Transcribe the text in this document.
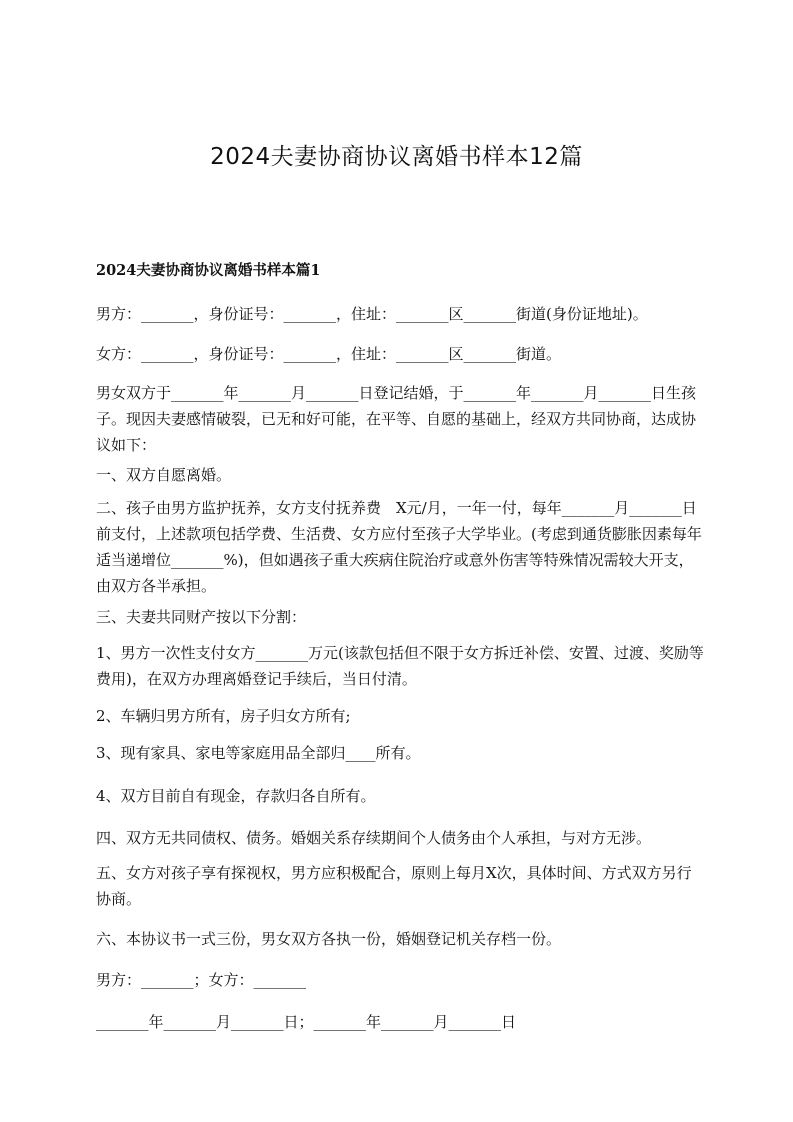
2024夫妻协商协议离婚书样本12篇
2024夫妻协商协议离婚书样本篇1

男方：_______，身份证号：_______，住址：_______区_______街道(身份证地址)。

女方：_______，身份证号：_______，住址：_______区_______街道。

男女双方于_______年_______月_______日登记结婚，于_______年_______月_______日生孩子。现因夫妻感情破裂，已无和好可能，在平等、自愿的基础上，经双方共同协商，达成协议如下：

一、双方自愿离婚。

二、孩子由男方监护抚养，女方支付抚养费　X元/月，一年一付，每年_______月_______日前支付，上述款项包括学费、生活费、女方应付至孩子大学毕业。(考虑到通货膨胀因素每年适当递增位_______%)，但如遇孩子重大疾病住院治疗或意外伤害等特殊情况需较大开支，由双方各半承担。

三、夫妻共同财产按以下分割：

1、男方一次性支付女方_______万元(该款包括但不限于女方拆迁补偿、安置、过渡、奖励等费用)，在双方办理离婚登记手续后，当日付清。

2、车辆归男方所有，房子归女方所有;

3、现有家具、家电等家庭用品全部归____所有。

4、双方目前自有现金，存款归各自所有。

四、双方无共同债权、债务。婚姻关系存续期间个人债务由个人承担，与对方无涉。

五、女方对孩子享有探视权，男方应积极配合，原则上每月X次，具体时间、方式双方另行协商。

六、本协议书一式三份，男女双方各执一份，婚姻登记机关存档一份。

男方：_______；女方：_______

_______年_______月_______日；_______年_______月_______日
